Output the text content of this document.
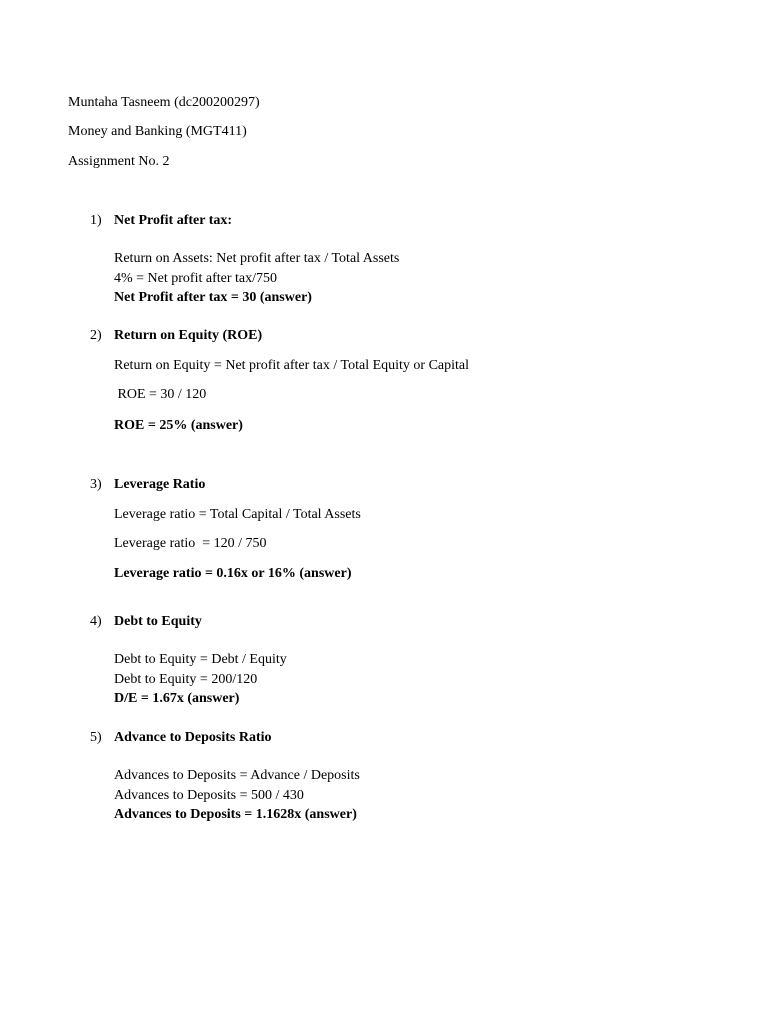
Muntaha Tasneem (dc200200297)
Money and Banking (MGT411)
Assignment No. 2
1) Net Profit after tax:
Return on Assets: Net profit after tax / Total Assets
4% = Net profit after tax/750
Net Profit after tax = 30 (answer)
2) Return on Equity (ROE)
Return on Equity = Net profit after tax / Total Equity or Capital
ROE = 30 / 120
ROE = 25% (answer)
3) Leverage Ratio
Leverage ratio = Total Capital / Total Assets
Leverage ratio  = 120 / 750
Leverage ratio = 0.16x or 16% (answer)
4) Debt to Equity
Debt to Equity = Debt / Equity
Debt to Equity = 200/120
D/E = 1.67x (answer)
5) Advance to Deposits Ratio
Advances to Deposits = Advance / Deposits
Advances to Deposits = 500 / 430
Advances to Deposits = 1.1628x (answer)
